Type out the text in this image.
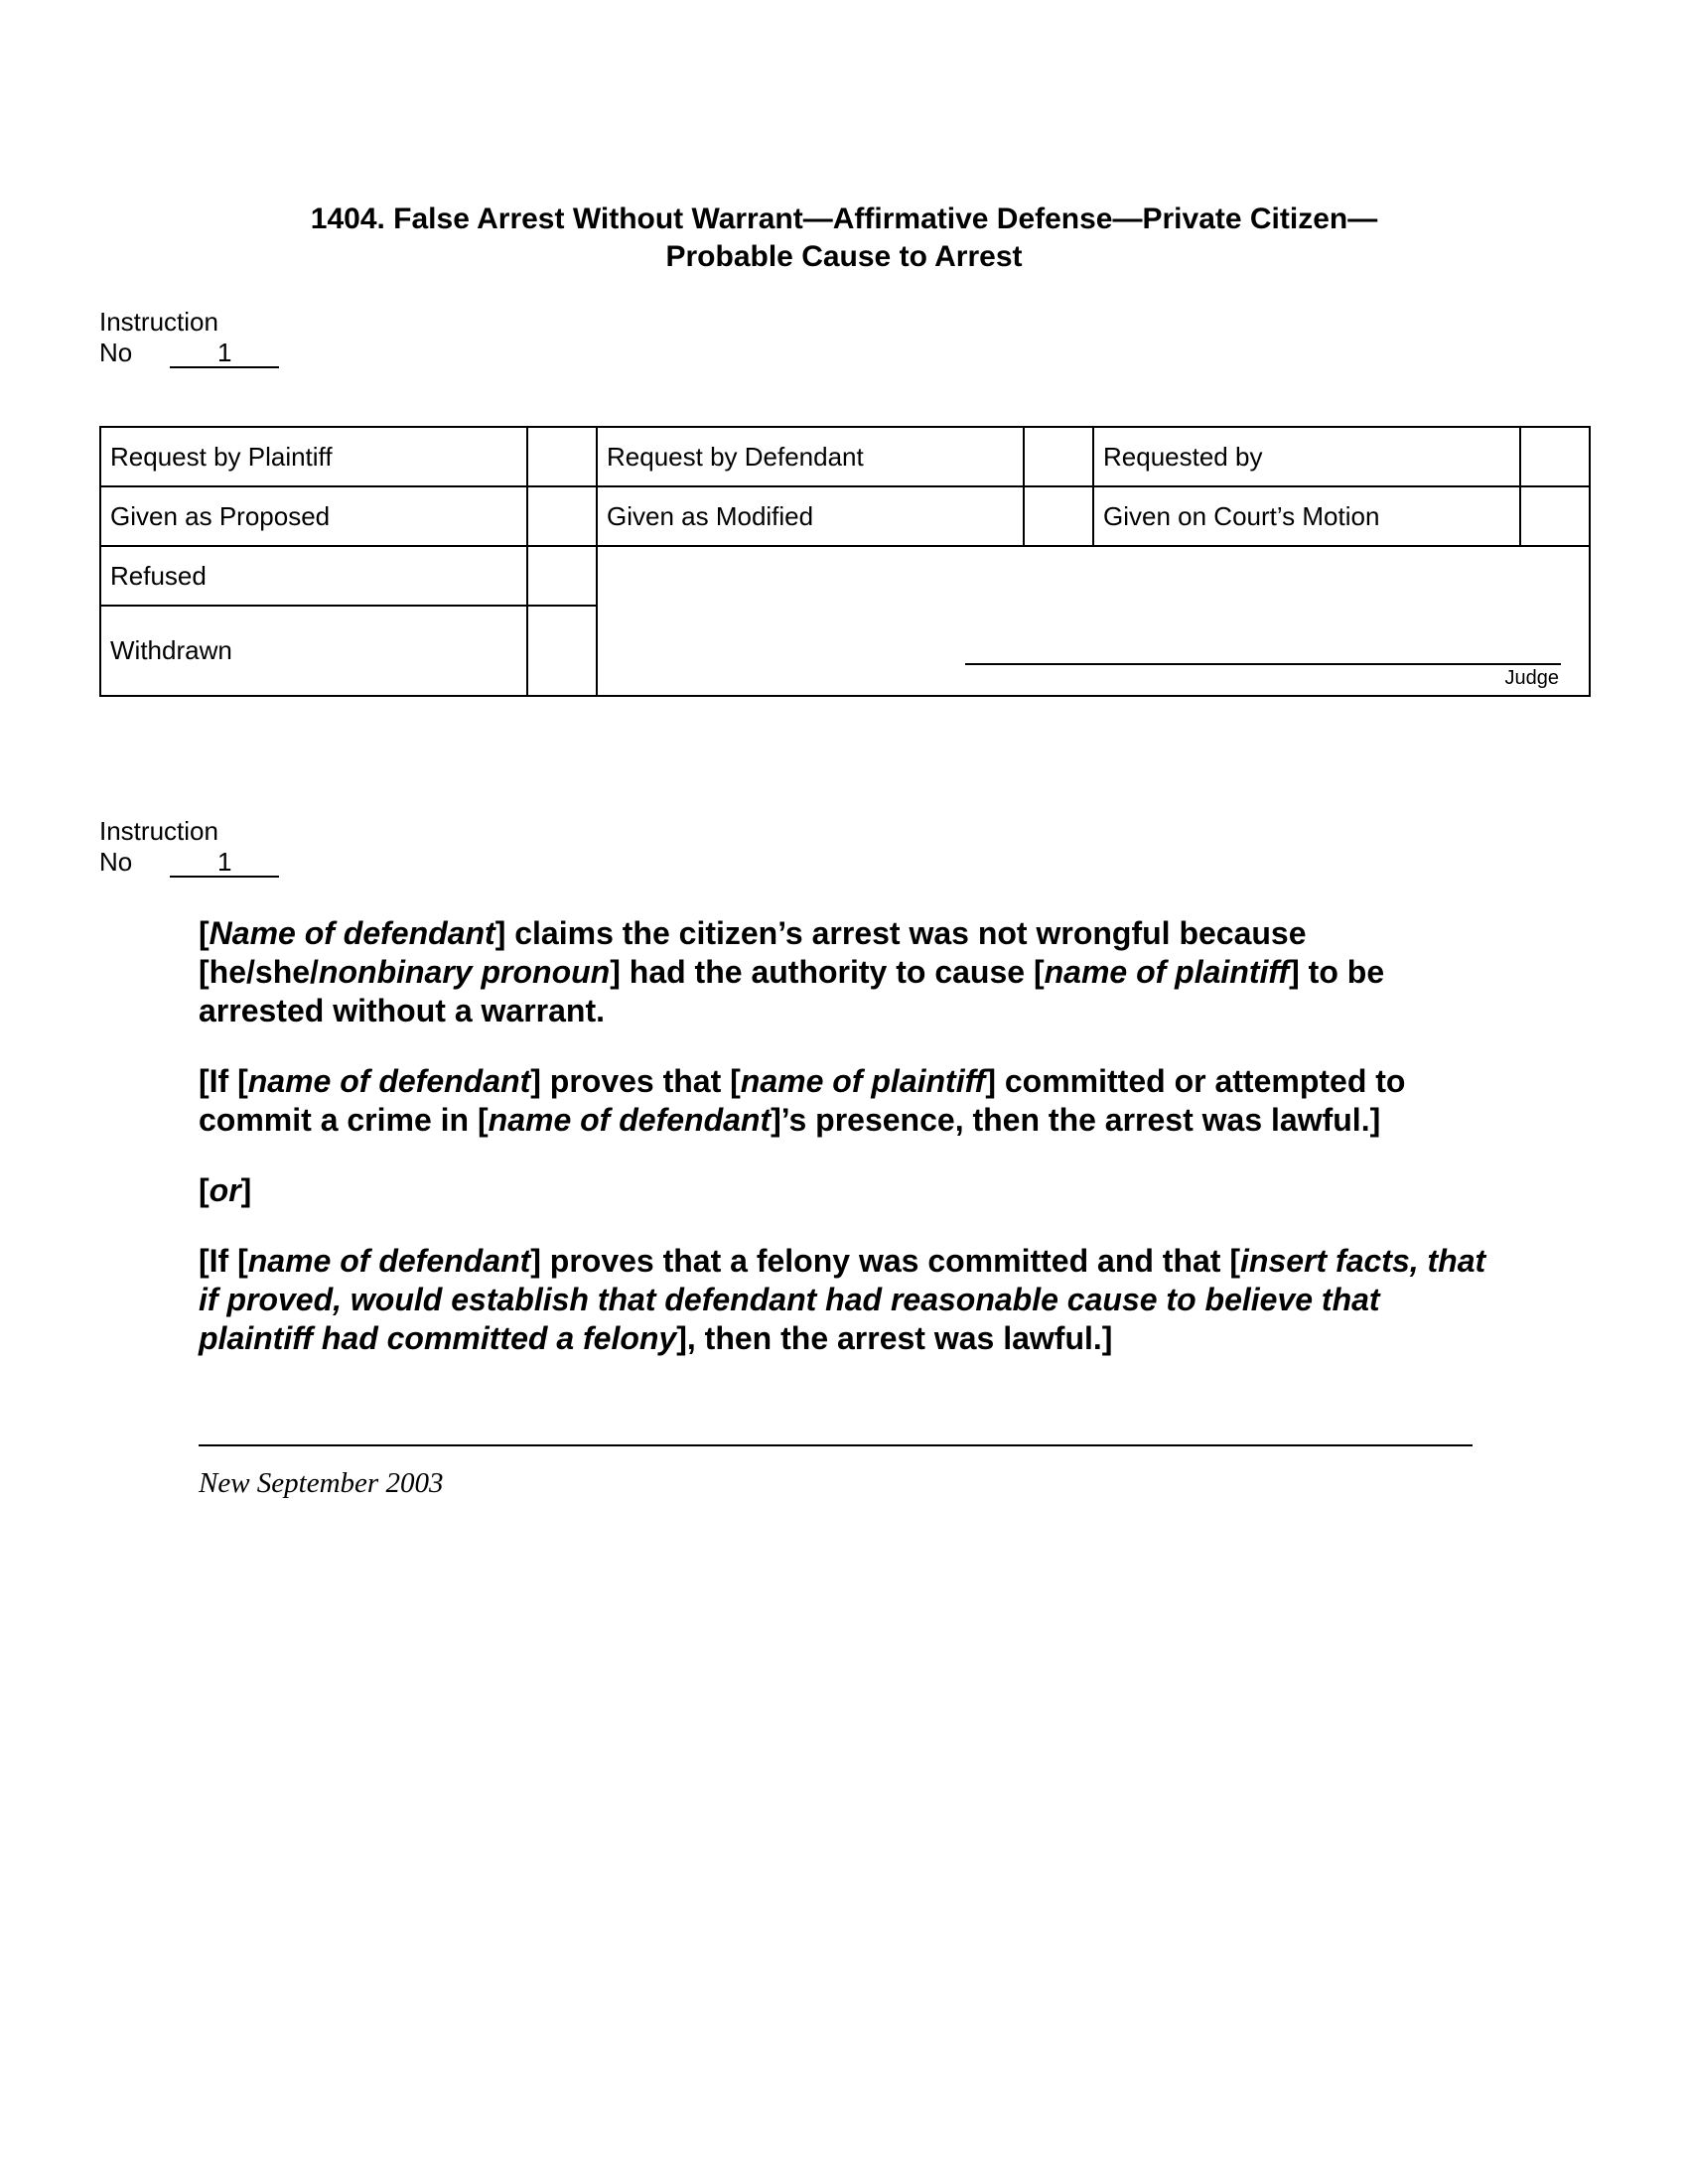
1404. False Arrest Without Warrant—Affirmative Defense—Private Citizen—
Probable Cause to Arrest
Instruction
No	1
Request by Plaintiff		Request by Defendant		Requested by	
Given as Proposed		Given as Modified		Given on Court’s Motion	
Refused		Judge			

Withdrawn					
Instruction
No	1

[Name of defendant] claims the citizen’s arrest was not wrongful because [he/she/nonbinary pronoun] had the authority to cause [name of plaintiff] to be arrested without a warrant.

[If [name of defendant] proves that [name of plaintiff] committed or attempted to commit a crime in [name of defendant]’s presence, then the arrest was lawful.]

[or]

[If [name of defendant] proves that a felony was committed and that [insert facts, that if proved, would establish that defendant had reasonable cause to believe that plaintiff had committed a felony], then the arrest was lawful.]

New September 2003
